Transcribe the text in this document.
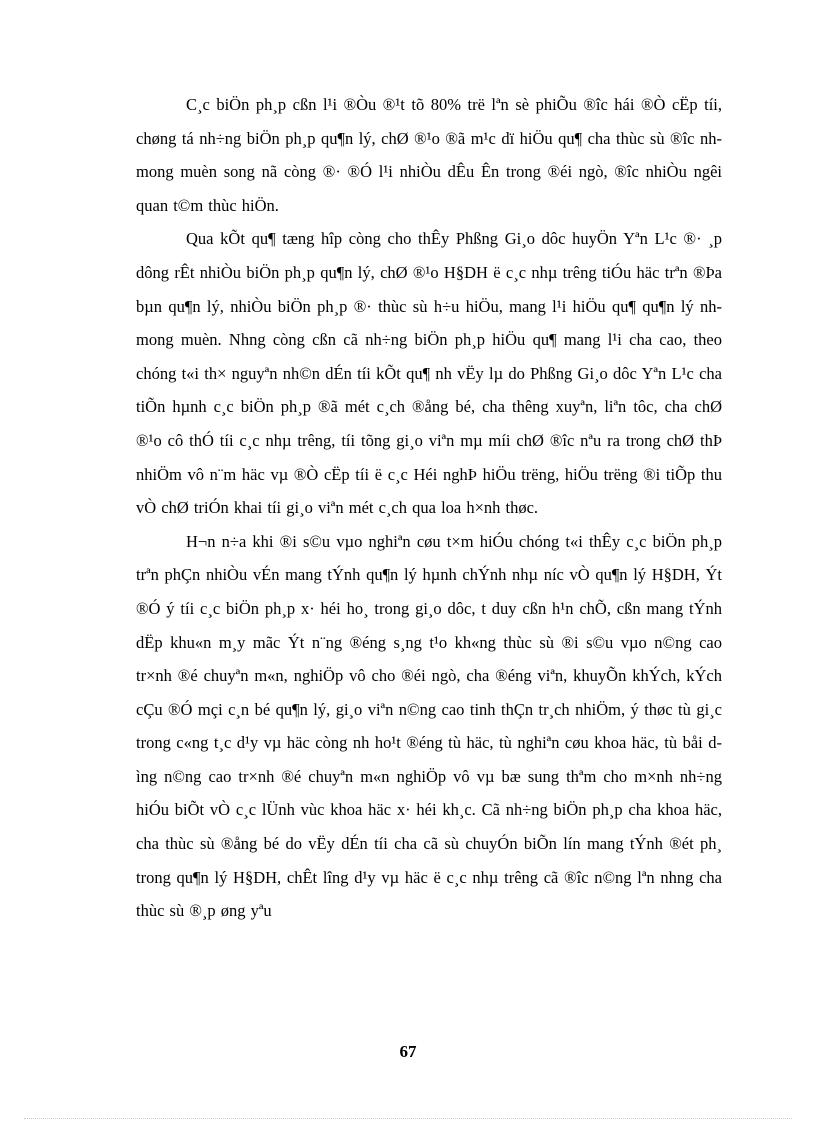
C¸c biÖn ph¸p cßn l¹i ®Òu ®¹t tõ 80% trë lªn sè phiÕu ®îc hái ®Ò cËp tíi, chøng tá nh÷ng biÖn ph¸p qu¶n lý, chØ ®¹o ®ã m¹c dï hiÖu qu¶ cha thùc sù ®îc nh mong muèn song nã còng ®· ®Ó l¹i nhiÒu dÊu Ên trong ®éi ngò, ®îc nhiÒu ngêi quan t©m thùc hiÖn.

Qua kÕt qu¶ tæng hîp còng cho thÊy Phßng Gi¸o dôc huyÖn Yªn L¹c ®· ¸p dông rÊt nhiÒu biÖn ph¸p qu¶n lý, chØ ®¹o H§DH ë c¸c nhµ trêng tiÓu häc trªn ®Þa bµn qu¶n lý, nhiÒu biÖn ph¸p ®· thùc sù h÷u hiÖu, mang l¹i hiÖu qu¶ qu¶n lý nh mong muèn. Nhng còng cßn cã nh÷ng biÖn ph¸p hiÖu qu¶ mang l¹i cha cao, theo chóng t«i th× nguyªn nh©n dÉn tíi kÕt qu¶ nh vËy lµ do Phßng Gi¸o dôc Yªn L¹c cha tiÕn hµnh c¸c biÖn ph¸p ®ã mét c¸ch ®ång bé, cha thêng xuyªn, liªn tôc, cha chØ ®¹o cô thÓ tíi c¸c nhµ trêng, tíi tõng gi¸o viªn mµ míi chØ ®îc nªu ra trong chØ thÞ nhiÖm vô n¨m häc vµ ®Ò cËp tíi ë c¸c Héi nghÞ hiÖu trëng, hiÖu trëng ®i tiÕp thu vÒ chØ triÓn khai tíi gi¸o viªn mét c¸ch qua loa h×nh thøc.

H¬n n÷a khi ®i s©u vµo nghiªn cøu t×m hiÓu chóng t«i thÊy c¸c biÖn ph¸p trªn phÇn nhiÒu vÉn mang tÝnh qu¶n lý hµnh chÝnh nhµ níc vÒ qu¶n lý H§DH, Ýt ®Ó ý tíi c¸c biÖn ph¸p x· héi ho¸ trong gi¸o dôc, t duy cßn h¹n chÕ, cßn mang tÝnh dËp khu«n m¸y mãc Ýt n¨ng ®éng s¸ng t¹o kh«ng thùc sù ®i s©u vµo n©ng cao tr×nh ®é chuyªn m«n, nghiÖp vô cho ®éi ngò, cha ®éng viªn, khuyÕn khÝch, kÝch cÇu ®Ó mçi c¸n bé qu¶n lý, gi¸o viªn n©ng cao tinh thÇn tr¸ch nhiÖm, ý thøc tù gi¸c trong c«ng t¸c d¹y vµ häc còng nh ho¹t ®éng tù häc, tù nghiªn cøu khoa häc, tù båi dìng n©ng cao tr×nh ®é chuyªn m«n nghiÖp vô vµ bæ sung thªm cho m×nh nh÷ng hiÓu biÕt vÒ c¸c lÜnh vùc khoa häc x· héi kh¸c. Cã nh÷ng biÖn ph¸p cha khoa häc, cha thùc sù ®ång bé do vËy dÉn tíi cha cã sù chuyÓn biÕn lín mang tÝnh ®ét ph¸ trong qu¶n lý H§DH, chÊt lîng d¹y vµ häc ë c¸c nhµ trêng cã ®îc n©ng lªn nhng cha thùc sù ®¸p øng yªu

67
